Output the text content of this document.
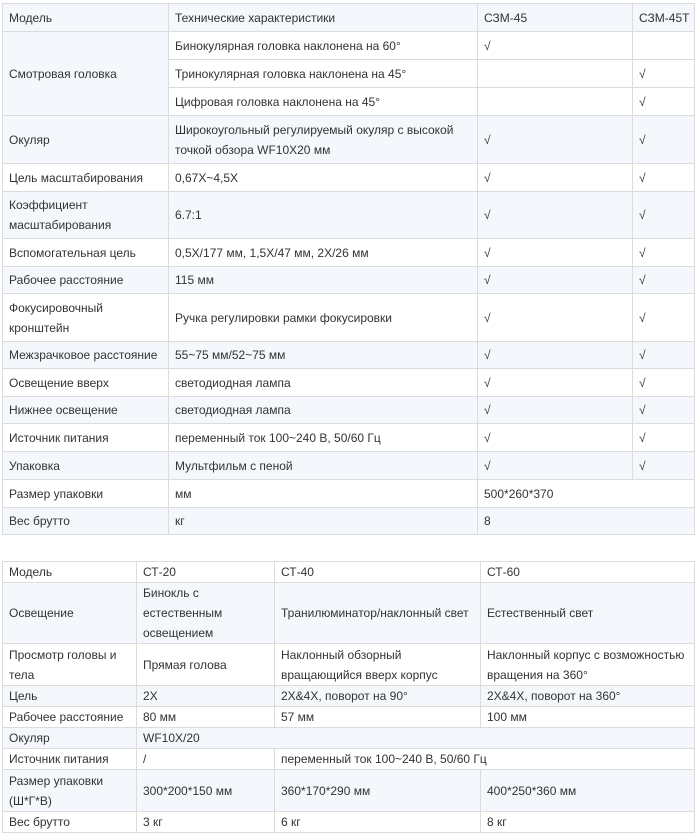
Модель	Технические характеристики	СЗМ-45	СЗМ-45Т
Смотровая головка	Бинокулярная головка наклонена на 60°	√	
	Тринокулярная головка наклонена на 45°		√
	Цифровая головка наклонена на 45°		√
Окуляр	Широкоугольный регулируемый окуляр с высокой точкой обзора WF10X20 мм	√	√
Цель масштабирования	0,67X~4,5X	√	√
Коэффициент масштабирования	6.7:1	√	√
Вспомогательная цель	0,5X/177 мм, 1,5X/47 мм, 2X/26 мм	√	√
Рабочее расстояние	115 мм	√	√
Фокусировочный кронштейн	Ручка регулировки рамки фокусировки	√	√
Межзрачковое расстояние	55~75 мм/52~75 мм	√	√
Освещение вверх	светодиодная лампа	√	√
Нижнее освещение	светодиодная лампа	√	√
Источник питания	переменный ток 100~240 В, 50/60 Гц	√	√
Упаковка	Мультфильм с пеной	√	√
Размер упаковки	мм	500*260*370	
Вес брутто	кг	8	
Модель	СТ-20	СТ-40	СТ-60
Освещение	Бинокль с естественным освещением	Транилюминатор/наклонный свет	Естественный свет
Просмотр головы и тела	Прямая голова	Наклонный обзорный вращающийся вверх корпус	Наклонный корпус с возможностью вращения на 360°
Цель	2X	2X&4X, поворот на 90°	2X&4X, поворот на 360°
Рабочее расстояние	80 мм	57 мм	100 мм
Окуляр	WF10X/20		
Источник питания	/	переменный ток 100~240 В, 50/60 Гц	
Размер упаковки (Ш*Г*В)	300*200*150 мм	360*170*290 мм	400*250*360 мм
Вес брутто	3 кг	6 кг	8 кг
